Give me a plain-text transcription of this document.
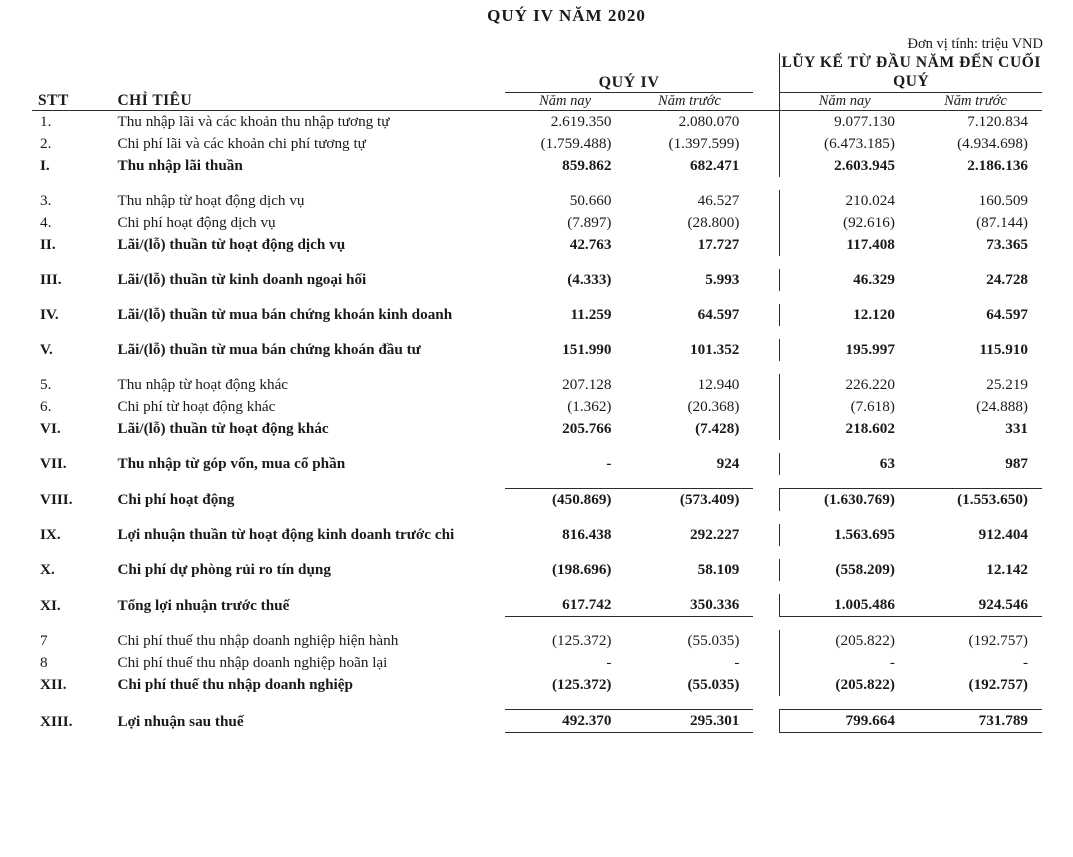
QUÝ IV NĂM 2020
Đơn vị tính: triệu VND
		QUÝ IV			LŨY KẾ TỪ ĐẦU NĂM ĐẾN CUỐI QUÝ	
STT	CHỈ TIÊU	Năm nay	Năm trước		Năm nay	Năm trước
1.	Thu nhập lãi và các khoản thu nhập tương tự	2.619.350	2.080.070		9.077.130	7.120.834
2.	Chi phí lãi và các khoản chi phí tương tự	(1.759.488)	(1.397.599)		(6.473.185)	(4.934.698)
I.	Thu nhập lãi thuần	859.862	682.471		2.603.945	2.186.136

3.	Thu nhập từ hoạt động dịch vụ	50.660	46.527		210.024	160.509
4.	Chi phí hoạt động dịch vụ	(7.897)	(28.800)		(92.616)	(87.144)
II.	Lãi/(lỗ) thuần từ hoạt động dịch vụ	42.763	17.727		117.408	73.365

III.	Lãi/(lỗ) thuần từ kinh doanh ngoại hối	(4.333)	5.993		46.329	24.728

IV.	Lãi/(lỗ) thuần từ mua bán chứng khoán kinh doanh	11.259	64.597		12.120	64.597

V.	Lãi/(lỗ) thuần từ mua bán chứng khoán đầu tư	151.990	101.352		195.997	115.910

5.	Thu nhập từ hoạt động khác	207.128	12.940		226.220	25.219
6.	Chi phí từ hoạt động khác	(1.362)	(20.368)		(7.618)	(24.888)
VI.	Lãi/(lỗ) thuần từ hoạt động khác	205.766	(7.428)		218.602	331

VII.	Thu nhập từ góp vốn, mua cổ phần	-	924		63	987

VIII.	Chi phí hoạt động	(450.869)	(573.409)		(1.630.769)	(1.553.650)

IX.	Lợi nhuận thuần từ hoạt động kinh doanh trước chi	816.438	292.227		1.563.695	912.404

X.	Chi phí dự phòng rủi ro tín dụng	(198.696)	58.109		(558.209)	12.142

XI.	Tổng lợi nhuận trước thuế	617.742	350.336		1.005.486	924.546

7	Chi phí thuế thu nhập doanh nghiệp hiện hành	(125.372)	(55.035)		(205.822)	(192.757)
8	Chi phí thuế thu nhập doanh nghiệp hoãn lại	-	-		-	-
XII.	Chi phí thuế thu nhập doanh nghiệp	(125.372)	(55.035)		(205.822)	(192.757)

XIII.	Lợi nhuận sau thuế	492.370	295.301		799.664	731.789
